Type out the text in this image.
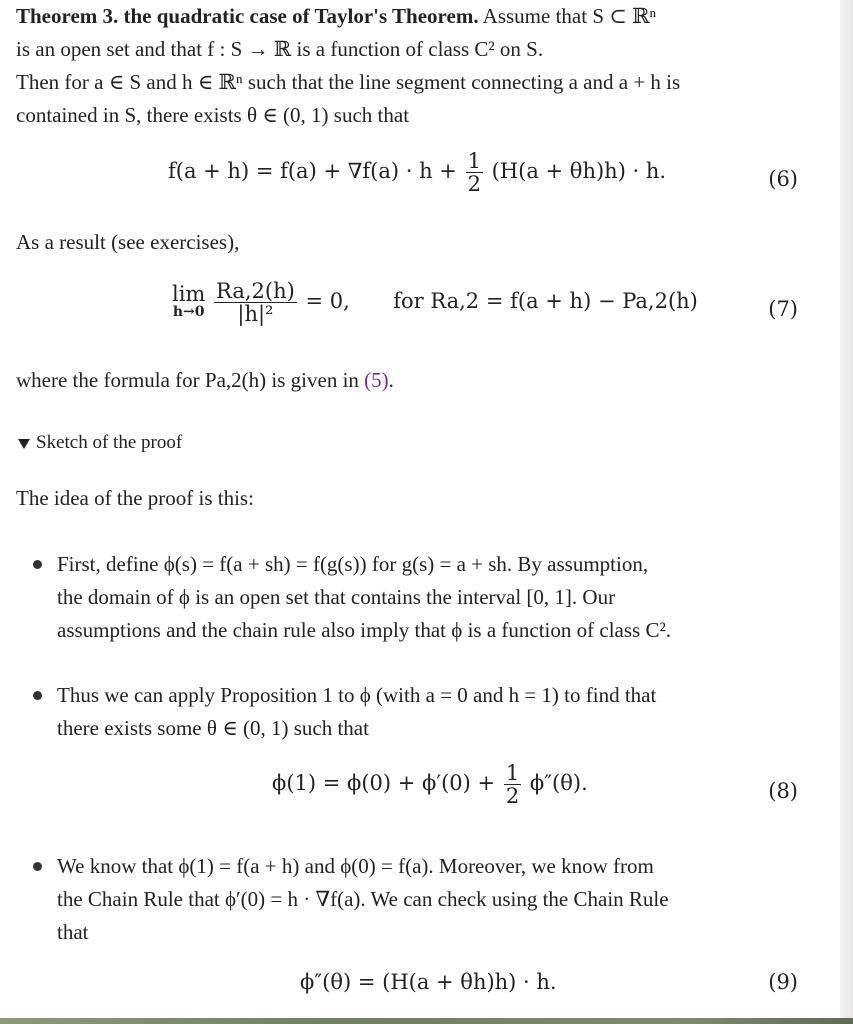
Theorem 3. the quadratic case of Taylor's Theorem. Assume that S ⊂ ℝⁿ
is an open set and that f : S → ℝ is a function of class C² on S.
Then for a ∈ S and h ∈ ℝⁿ such that the line segment connecting a and a + h is
contained in S, there exists θ ∈ (0, 1) such that

$f(a + h) = f(a) + \nabla f(a) \cdot h + \frac{1}{2} (H(a + \theta h)h) \cdot h$.	(6)

As a result (see exercises),

lim
h→0
$\frac{Ra,2(h)}{\text{|h|²}} = 0$, for Ra,2 = f(a + h) − Pa,2(h)	(7)

where the formula for Pa,2(h) is given in (5).

Sketch of the proof

The idea of the proof is this:

First, define ϕ(s) = f(a + sh) = f(g(s)) for g(s) = a + sh. By assumption,
the domain of ϕ is an open set that contains the interval [0, 1]. Our
assumptions and the chain rule also imply that ϕ is a function of class C².

Thus we can apply Proposition 1 to ϕ (with a = 0 and h = 1) to find that
there exists some θ ∈ (0, 1) such that

$\phi(1) = \phi(0) + \phi'(0) + \frac{1}{2} \phi''(\theta)$.	(8)

We know that ϕ(1) = f(a + h) and ϕ(0) = f(a). Moreover, we know from
the Chain Rule that ϕ′(0) = h · ∇f(a). We can check using the Chain Rule
that

ϕ″(θ) = (H(a + θh)h) · h.	(9)
